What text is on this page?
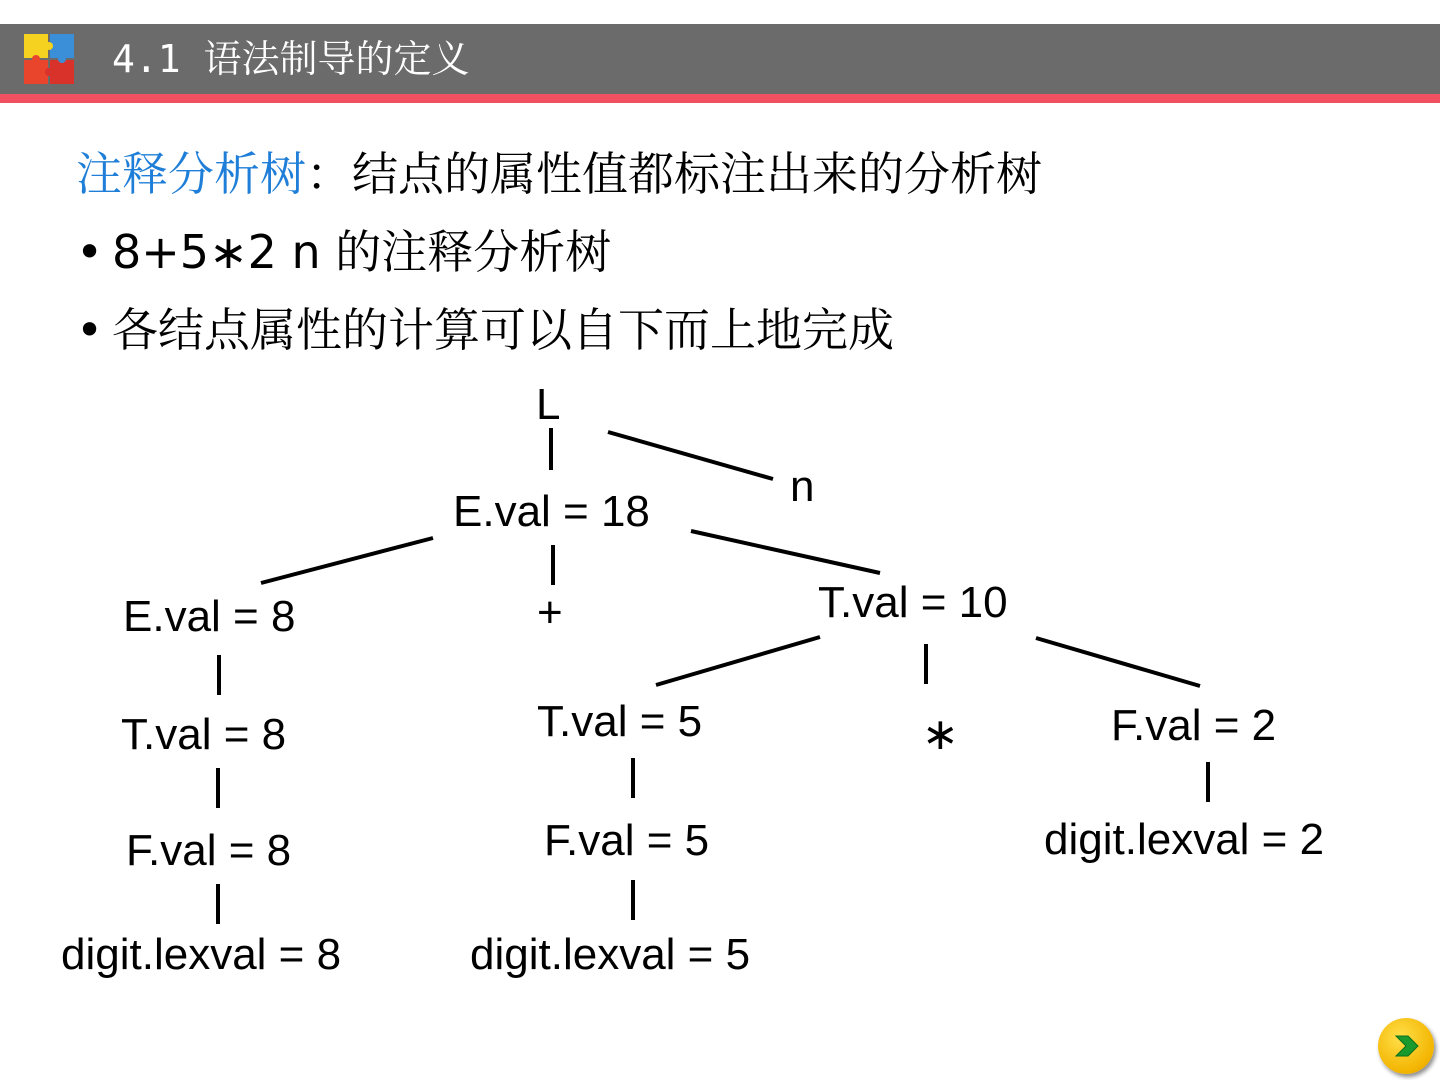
4.1 语法制导的定义
注释分析树：结点的属性值都标注出来的分析树
• 8+5∗2 n 的注释分析树
• 各结点属性的计算可以自下而上地完成
L
n
E.val = 18
E.val = 8	+	T.val = 10
T.val = 8
F.val = 8
digit.lexval = 8
T.val = 5	∗	F.val = 2
F.val = 5
digit.lexval = 5
digit.lexval = 2
